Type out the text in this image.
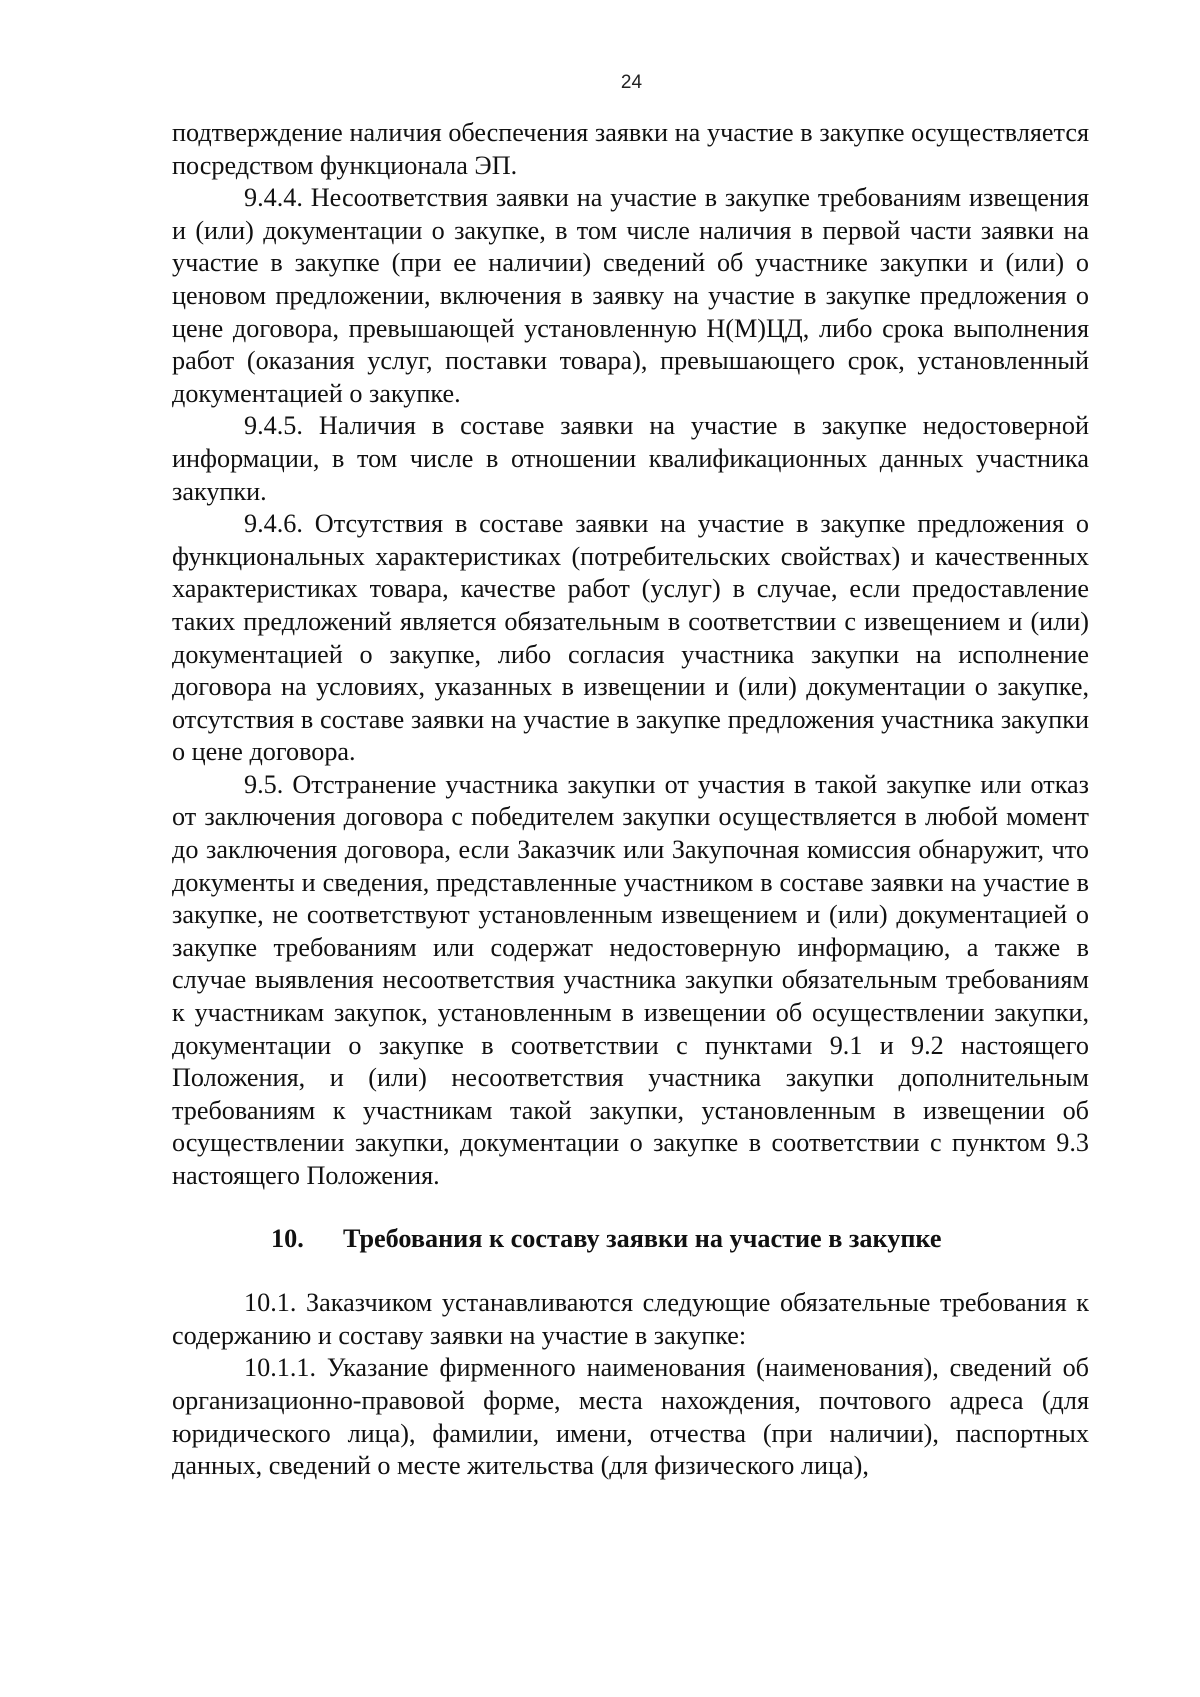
24

подтверждение наличия обеспечения заявки на участие в закупке осуществляется посредством функционала ЭП.

9.4.4. Несоответствия заявки на участие в закупке требованиям извещения и (или) документации о закупке, в том числе наличия в первой части заявки на участие в закупке (при ее наличии) сведений об участнике закупки и (или) о ценовом предложении, включения в заявку на участие в закупке предложения о цене договора, превышающей установленную Н(М)ЦД, либо срока выполнения работ (оказания услуг, поставки товара), превышающего срок, установленный документацией о закупке.

9.4.5. Наличия в составе заявки на участие в закупке недостоверной информации, в том числе в отношении квалификационных данных участника закупки.

9.4.6. Отсутствия в составе заявки на участие в закупке предложения о функциональных характеристиках (потребительских свойствах) и качественных характеристиках товара, качестве работ (услуг) в случае, если предоставление таких предложений является обязательным в соответствии с извещением и (или) документацией о закупке, либо согласия участника закупки на исполнение договора на условиях, указанных в извещении и (или) документации о закупке, отсутствия в составе заявки на участие в закупке предложения участника закупки о цене договора.

9.5. Отстранение участника закупки от участия в такой закупке или отказ от заключения договора с победителем закупки осуществляется в любой момент до заключения договора, если Заказчик или Закупочная комиссия обнаружит, что документы и сведения, представленные участником в составе заявки на участие в закупке, не соответствуют установленным извещением и (или) документацией о закупке требованиям или содержат недостоверную информацию, а также в случае выявления несоответствия участника закупки обязательным требованиям к участникам закупок, установленным в извещении об осуществлении закупки, документации о закупке в соответствии с пунктами 9.1 и 9.2 настоящего Положения, и (или) несоответствия участника закупки дополнительным требованиям к участникам такой закупки, установленным в извещении об осуществлении закупки, документации о закупке в соответствии с пунктом 9.3 настоящего Положения.

10. Требования к составу заявки на участие в закупке

10.1. Заказчиком устанавливаются следующие обязательные требования к содержанию и составу заявки на участие в закупке:

10.1.1. Указание фирменного наименования (наименования), сведений об организационно-правовой форме, места нахождения, почтового адреса (для юридического лица), фамилии, имени, отчества (при наличии), паспортных данных, сведений о месте жительства (для физического лица),
